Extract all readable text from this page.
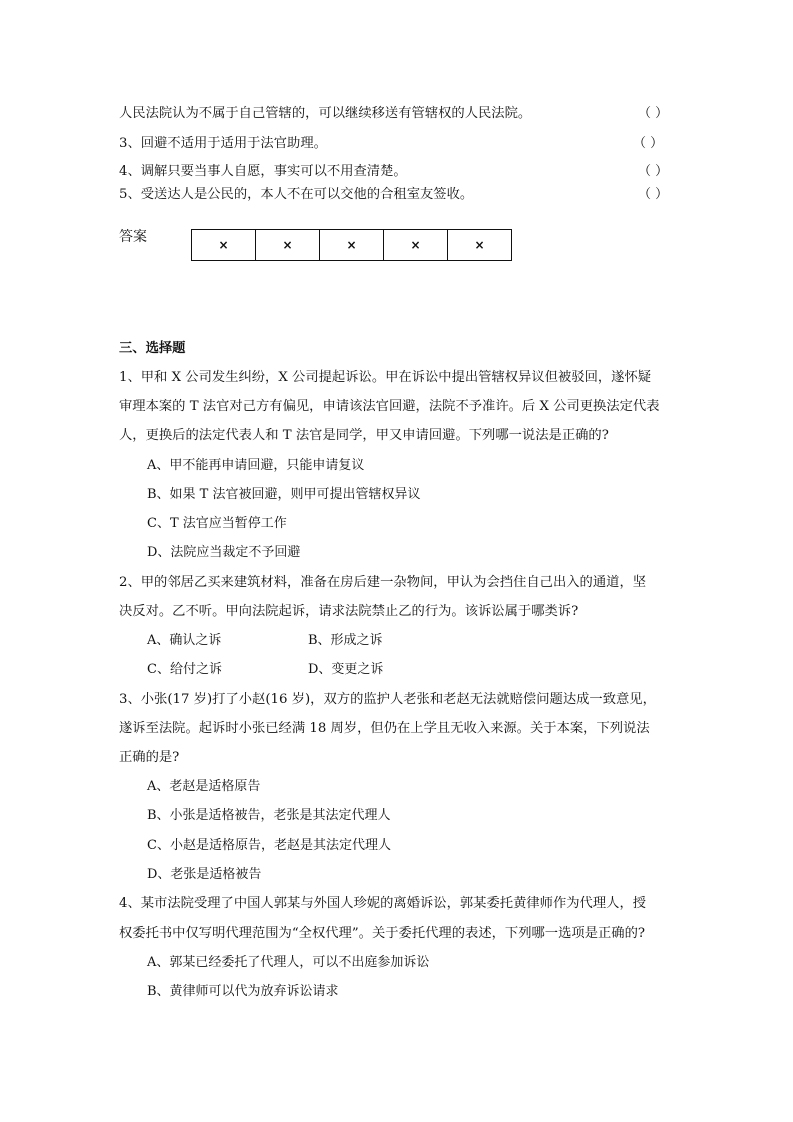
人民法院认为不属于自己管辖的，可以继续移送有管辖权的人民法院。	（ ）
3、回避不适用于适用于法官助理。	（ ）
4、调解只要当事人自愿，事实可以不用查清楚。	（ ）
5、受送达人是公民的，本人不在可以交他的合租室友签收。	（ ）
答案	×	×	×	×	×
三、选择题
1、甲和 X 公司发生纠纷，X 公司提起诉讼。甲在诉讼中提出管辖权异议但被驳回，遂怀疑
审理本案的 T 法官对己方有偏见，申请该法官回避，法院不予准许。后 X 公司更换法定代表
人，更换后的法定代表人和 T 法官是同学，甲又申请回避。下列哪一说法是正确的?
A、甲不能再申请回避，只能申请复议
B、如果 T 法官被回避，则甲可提出管辖权异议
C、T 法官应当暂停工作
D、法院应当裁定不予回避
2、甲的邻居乙买来建筑材料，准备在房后建一杂物间，甲认为会挡住自己出入的通道，坚
决反对。乙不听。甲向法院起诉，请求法院禁止乙的行为。该诉讼属于哪类诉?
A、确认之诉	B、形成之诉
C、给付之诉	D、变更之诉
3、小张(17 岁)打了小赵(16 岁)，双方的监护人老张和老赵无法就赔偿问题达成一致意见，
遂诉至法院。起诉时小张已经满 18 周岁，但仍在上学且无收入来源。关于本案，下列说法
正确的是?
A、老赵是适格原告
B、小张是适格被告，老张是其法定代理人
C、小赵是适格原告，老赵是其法定代理人
D、老张是适格被告
4、某市法院受理了中国人郭某与外国人珍妮的离婚诉讼，郭某委托黄律师作为代理人，授
权委托书中仅写明代理范围为“全权代理”。关于委托代理的表述，下列哪一选项是正确的?
A、郭某已经委托了代理人，可以不出庭参加诉讼
B、黄律师可以代为放弃诉讼请求
